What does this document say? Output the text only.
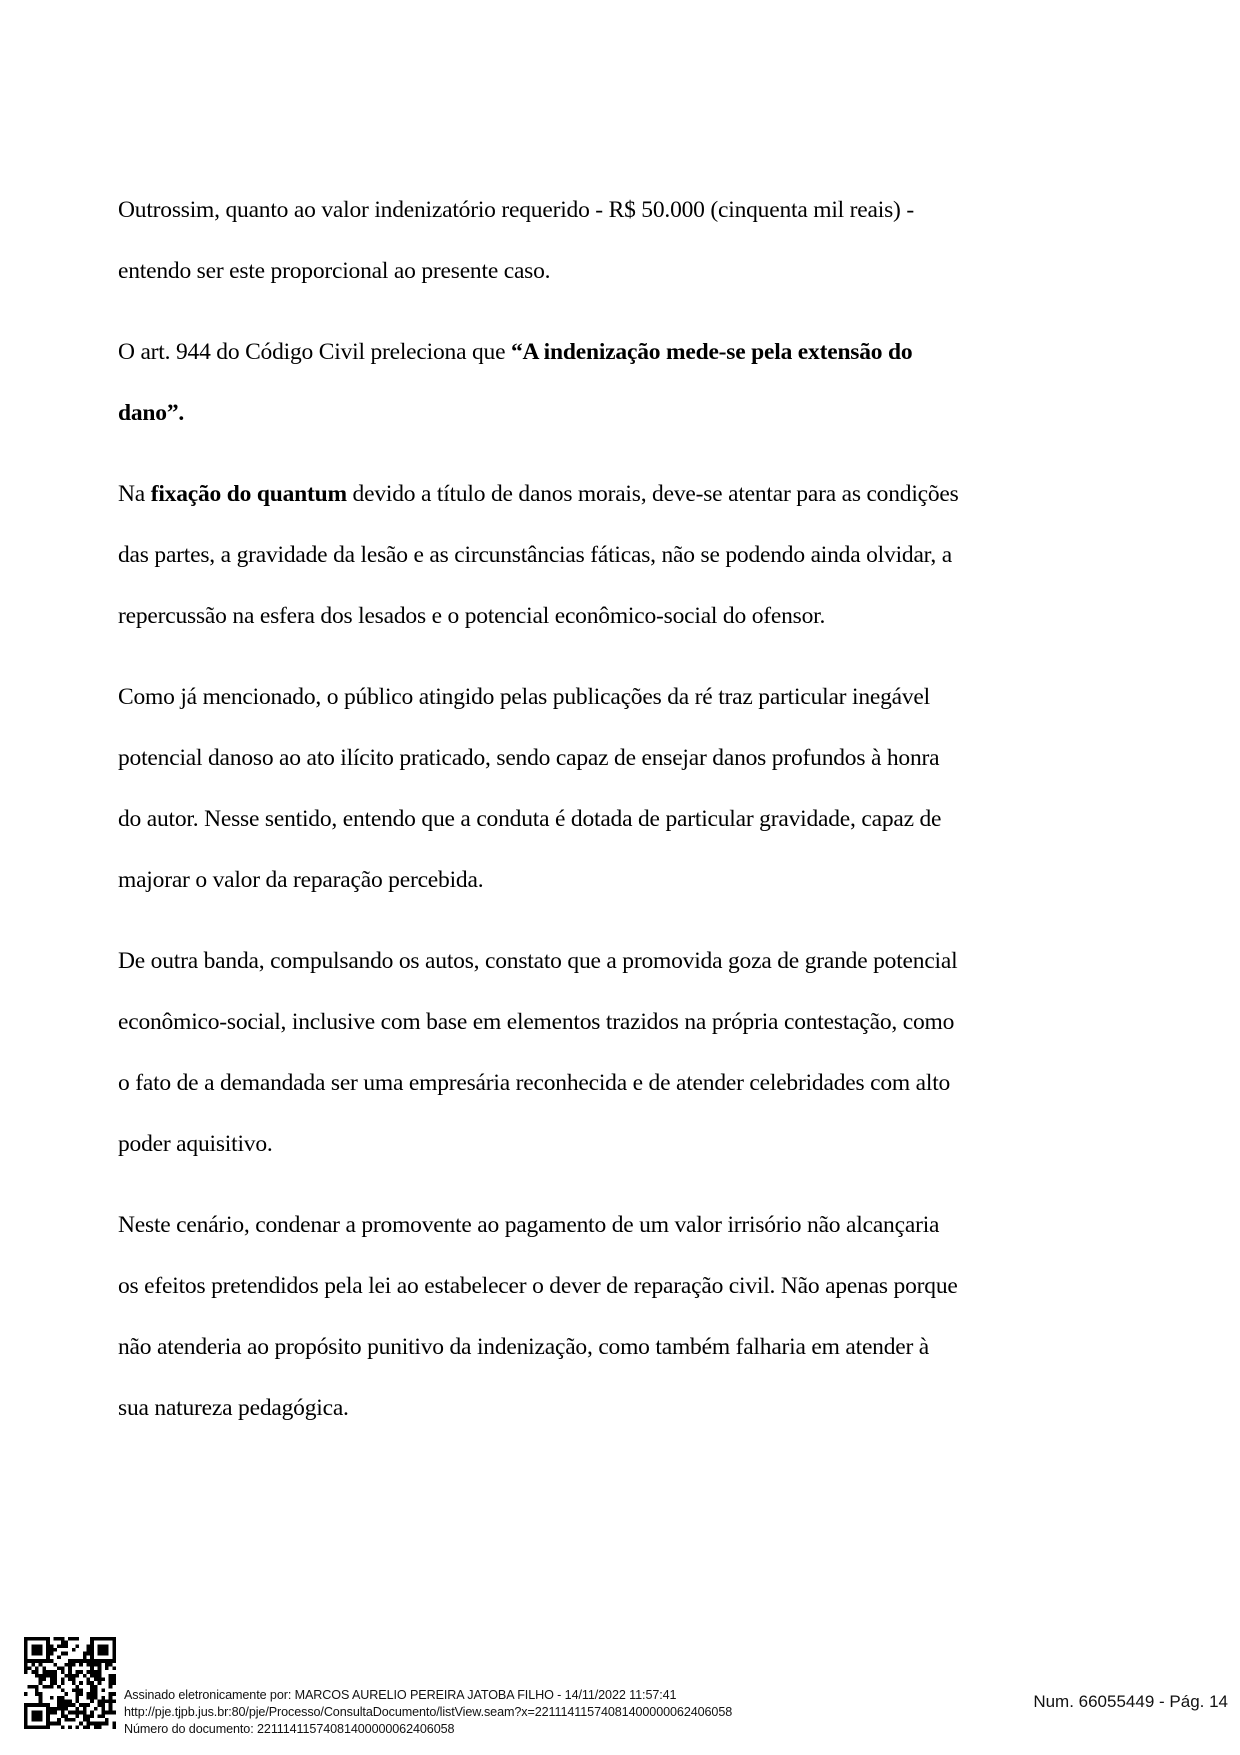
Outrossim, quanto ao valor indenizatório requerido - R$ 50.000 (cinquenta mil reais) -
entendo ser este proporcional ao presente caso.
O art. 944 do Código Civil preleciona que “A indenização mede-se pela extensão do
dano”.
Na fixação do quantum devido a título de danos morais, deve-se atentar para as condições
das partes, a gravidade da lesão e as circunstâncias fáticas, não se podendo ainda olvidar, a
repercussão na esfera dos lesados e o potencial econômico-social do ofensor.
Como já mencionado, o público atingido pelas publicações da ré traz particular inegável
potencial danoso ao ato ilícito praticado, sendo capaz de ensejar danos profundos à honra
do autor. Nesse sentido, entendo que a conduta é dotada de particular gravidade, capaz de
majorar o valor da reparação percebida.
De outra banda, compulsando os autos, constato que a promovida goza de grande potencial
econômico-social, inclusive com base em elementos trazidos na própria contestação, como
o fato de a demandada ser uma empresária reconhecida e de atender celebridades com alto
poder aquisitivo.
Neste cenário, condenar a promovente ao pagamento de um valor irrisório não alcançaria
os efeitos pretendidos pela lei ao estabelecer o dever de reparação civil. Não apenas porque
não atenderia ao propósito punitivo da indenização, como também falharia em atender à
sua natureza pedagógica.
Assinado eletronicamente por: MARCOS AURELIO PEREIRA JATOBA FILHO - 14/11/2022 11:57:41
http://pje.tjpb.jus.br:80/pje/Processo/ConsultaDocumento/listView.seam?x=22111411574081400000062406058
Número do documento: 22111411574081400000062406058
Num. 66055449 - Pág. 14
